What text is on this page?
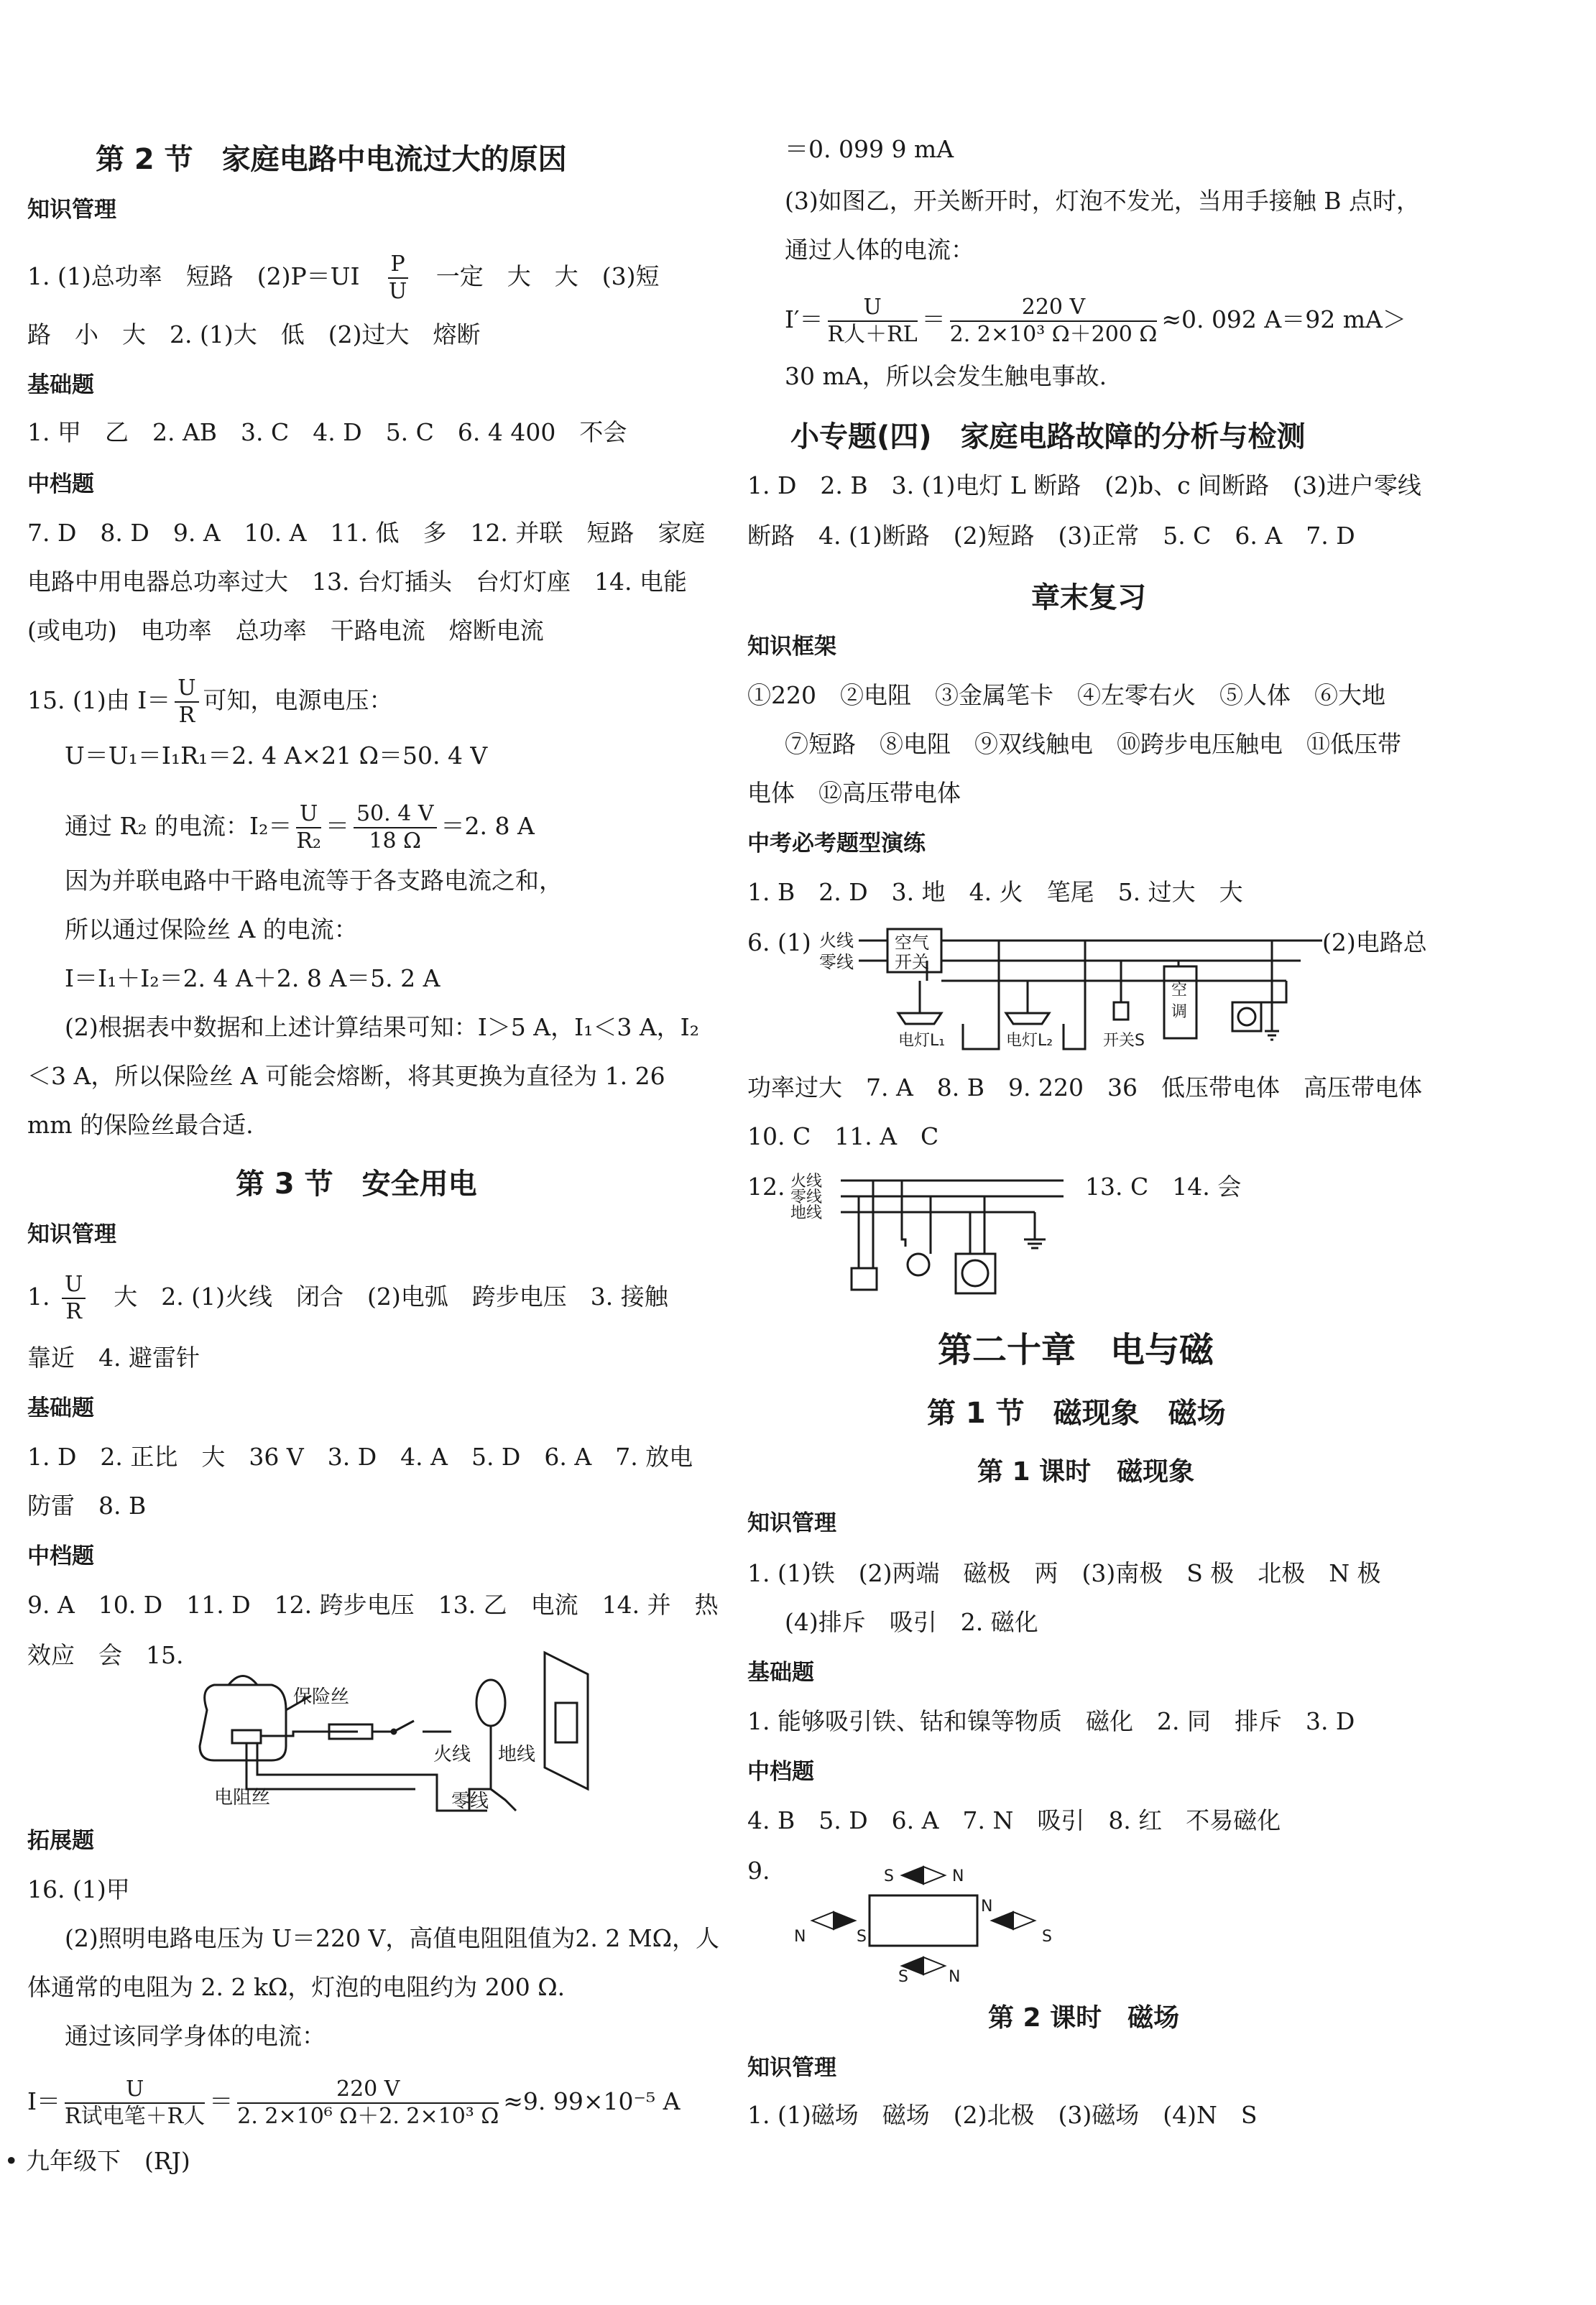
第 2 节　家庭电路中电流过大的原因
知识管理
1. (1)总功率　短路　(2)P＝UI　 $\frac{P}{U}$ 　一定　大　大　(3)短
路　小　大　2. (1)大　低　(2)过大　熔断
基础题
1. 甲　乙　2. AB　3. C　4. D　5. C　6. 4 400　不会
中档题
7. D　8. D　9. A　10. A　11. 低　多　12. 并联　短路　家庭
电路中用电器总功率过大　13. 台灯插头　台灯灯座　14. 电能
(或电功)　电功率　总功率　干路电流　熔断电流
15. (1)由 $I= \frac{U}{R}$ 可知，电源电压：
U＝U₁＝I₁R₁＝2. 4 A×21 Ω＝50. 4 V
通过 R₂ 的电流：$I_2= \frac{U}{\text{R₂}} = \frac{50. 4 V}{18 \Omega} =2$. 8 A
因为并联电路中干路电流等于各支路电流之和，
所以通过保险丝 A 的电流：
I＝I₁＋I₂＝2. 4 A＋2. 8 A＝5. 2 A
(2)根据表中数据和上述计算结果可知：I＞5 A，I₁＜3 A，I₂
＜3 A，所以保险丝 A 可能会熔断，将其更换为直径为 1. 26
mm 的保险丝最合适.
第 3 节　安全用电
知识管理
1. $\frac{U}{R}$ 　大　2. (1)火线　闭合　(2)电弧　跨步电压　3. 接触
靠近　4. 避雷针
基础题
1. D　2. 正比　大　36 V　3. D　4. A　5. D　6. A　7. 放电
防雷　8. B
中档题
9. A　10. D　11. D　12. 跨步电压　13. 乙　电流　14. 并　热
效应　会　15.
保险丝
电阻丝
火线 地线
零线
拓展题
16. (1)甲
(2)照明电路电压为 U＝220 V，高值电阻阻值为2. 2 MΩ，人
体通常的电阻为 2. 2 kΩ，灯泡的电阻约为 200 Ω.
通过该同学身体的电流：
$I= \frac{U}{\text{R试电笔＋R人}} = \frac{220 V}{\text{2. 2×10⁶ Ω＋2. 2×10³ Ω}} \approx 9$. 99×10⁻⁵ A
＝0. 099 9 mA
(3)如图乙，开关断开时，灯泡不发光，当用手接触 B 点时，
通过人体的电流：
$I'= \frac{U}{\text{R人＋RL}} = \frac{220 V}{\text{2. 2×10³ Ω＋200 Ω}} \approx 0$. 092 A＝92 mA＞
30 mA，所以会发生触电事故.
小专题(四)　家庭电路故障的分析与检测
1. D　2. B　3. (1)电灯 L 断路　(2)b、c 间断路　(3)进户零线
断路　4. (1)断路　(2)短路　(3)正常　5. C　6. A　7. D
章末复习
知识框架
①220　②电阻　③金属笔卡　④左零右火　⑤人体　⑥大地
⑦短路　⑧电阻　⑨双线触电　⑩跨步电压触电　⑪低压带
电体　⑫高压带电体
中考必考题型演练
1. B　2. D　3. 地　4. 火　笔尾　5. 过大　大
6. (1)	(2)电路总
火线
零线
空气
开关
电灯L₁	电灯L₂	开关S
空
调
功率过大　7. A　8. B　9. 220　36　低压带电体　高压带电体
10. C　11. A　C
12. 火线
零线
地线
13. C　14. 会
第二十章　电与磁
第 1 节　磁现象　磁场
第 1 课时　磁现象
知识管理
1. (1)铁　(2)两端　磁极　两　(3)南极　S 极　北极　N 极
(4)排斥　吸引　2. 磁化
基础题
1. 能够吸引铁、钴和镍等物质　磁化　2. 同　排斥　3. D
中档题
4. B　5. D　6. A　7. N　吸引　8. 红　不易磁化
9.	S	N
N	S
N
S
S	N
第 2 课时　磁场
知识管理
1. (1)磁场　磁场　(2)北极　(3)磁场　(4)N　S
• 九年级下　(RJ)
